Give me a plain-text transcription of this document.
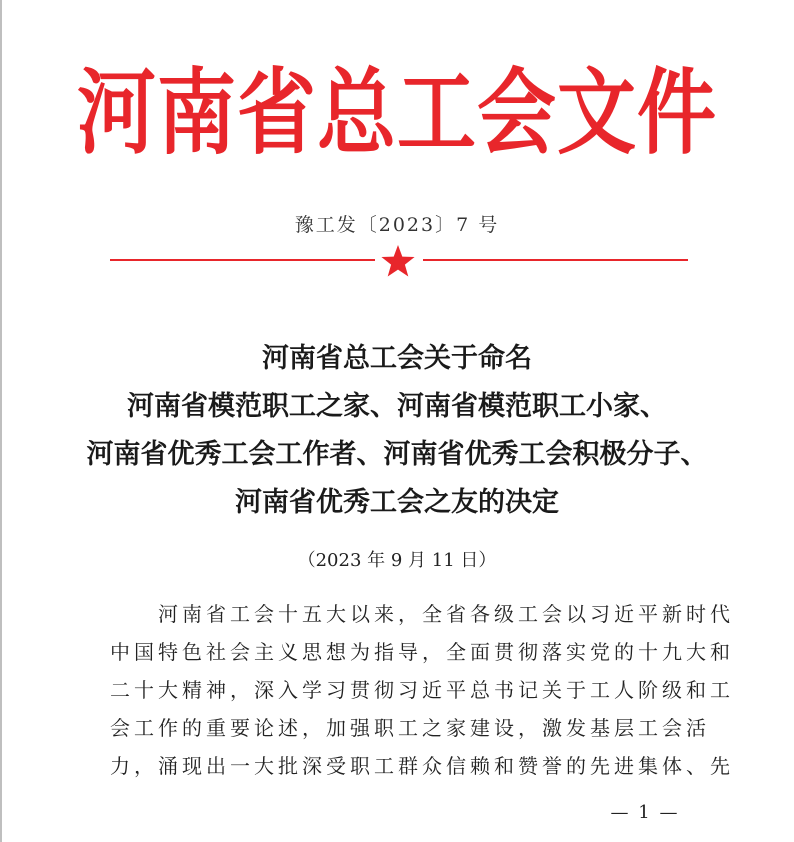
河南省总工会文件
豫工发〔2023〕7 号
河南省总工会关于命名
河南省模范职工之家、河南省模范职工小家、
河南省优秀工会工作者、河南省优秀工会积极分子、
河南省优秀工会之友的决定
（2023 年 9 月 11 日）
　　河南省工会十五大以来，全省各级工会以习近平新时代
中国特色社会主义思想为指导，全面贯彻落实党的十九大和
二十大精神，深入学习贯彻习近平总书记关于工人阶级和工
会工作的重要论述，加强职工之家建设，激发基层工会活
力，涌现出一大批深受职工群众信赖和赞誉的先进集体、先
— 1 —
